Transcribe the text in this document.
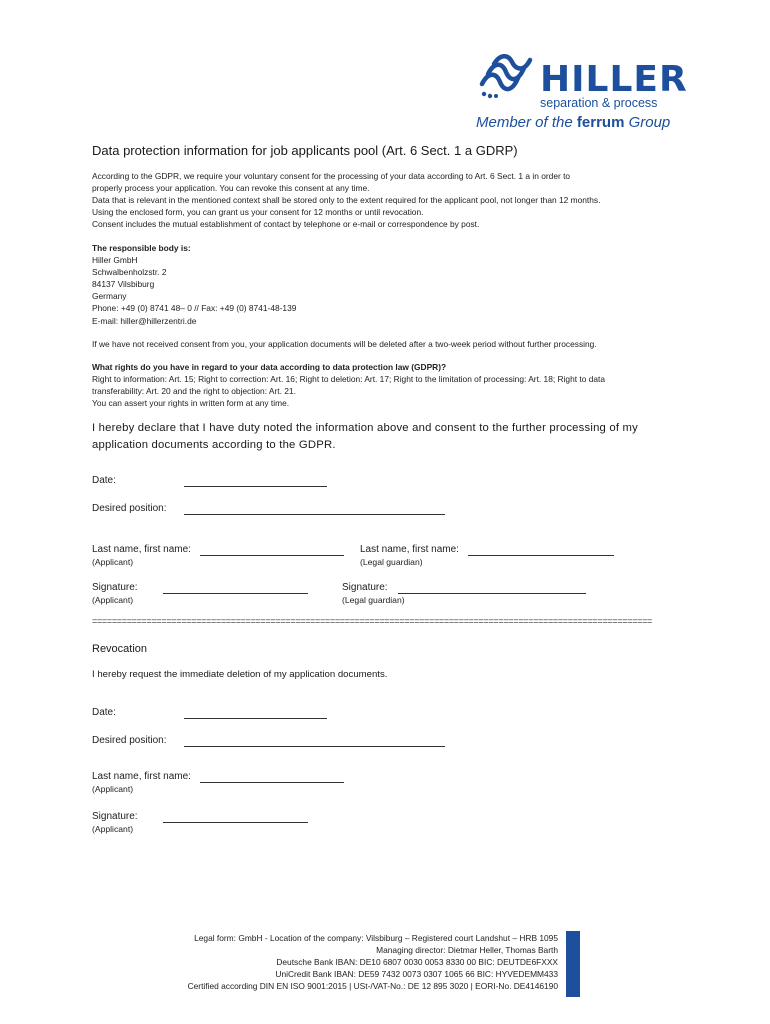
HILLER
separation & process
Member of the ferrum Group
Data protection information for job applicants pool (Art. 6 Sect. 1 a GDRP)
According to the GDPR, we require your voluntary consent for the processing of your data according to Art. 6 Sect. 1 a in order to
properly process your application. You can revoke this consent at any time.
Data that is relevant in the mentioned context shall be stored only to the extent required for the applicant pool, not longer than 12 months.
Using the enclosed form, you can grant us your consent for 12 months or until revocation.
Consent includes the mutual establishment of contact by telephone or e-mail or correspondence by post.
The responsible body is:
Hiller GmbH
Schwalbenholzstr. 2
84137 Vilsbiburg
Germany
Phone: +49 (0) 8741 48– 0 // Fax: +49 (0) 8741-48-139
E-mail: hiller@hillerzentri.de
If we have not received consent from you, your application documents will be deleted after a two-week period without further processing.
What rights do you have in regard to your data according to data protection law (GDPR)?
Right to information: Art. 15; Right to correction: Art. 16; Right to deletion: Art. 17; Right to the limitation of processing: Art. 18; Right to data
transferability: Art. 20 and the right to objection: Art. 21.
You can assert your rights in written form at any time.
I hereby declare that I have duty noted the information above and consent to the further processing of my
application documents according to the GDPR.
Date:
Desired position:
Last name, first name:
(Applicant)
Last name, first name:
(Legal guardian)
Signature:
(Applicant)
Signature:
(Legal guardian)
=================================================================================================================
Revocation
I hereby request the immediate deletion of my application documents.
Date:
Desired position:
Last name, first name:
(Applicant)
Signature:
(Applicant)
Legal form: GmbH - Location of the company: Vilsbiburg – Registered court Landshut – HRB 1095
Managing director: Dietmar Heller, Thomas Barth
Deutsche Bank IBAN: DE10 6807 0030 0053 8330 00 BIC: DEUTDE6FXXX
UniCredit Bank IBAN: DE59 7432 0073 0307 1065 66 BIC: HYVEDEMM433
Certified according DIN EN ISO 9001:2015 | USt-/VAT-No.: DE 12 895 3020 | EORI-No. DE4146190
